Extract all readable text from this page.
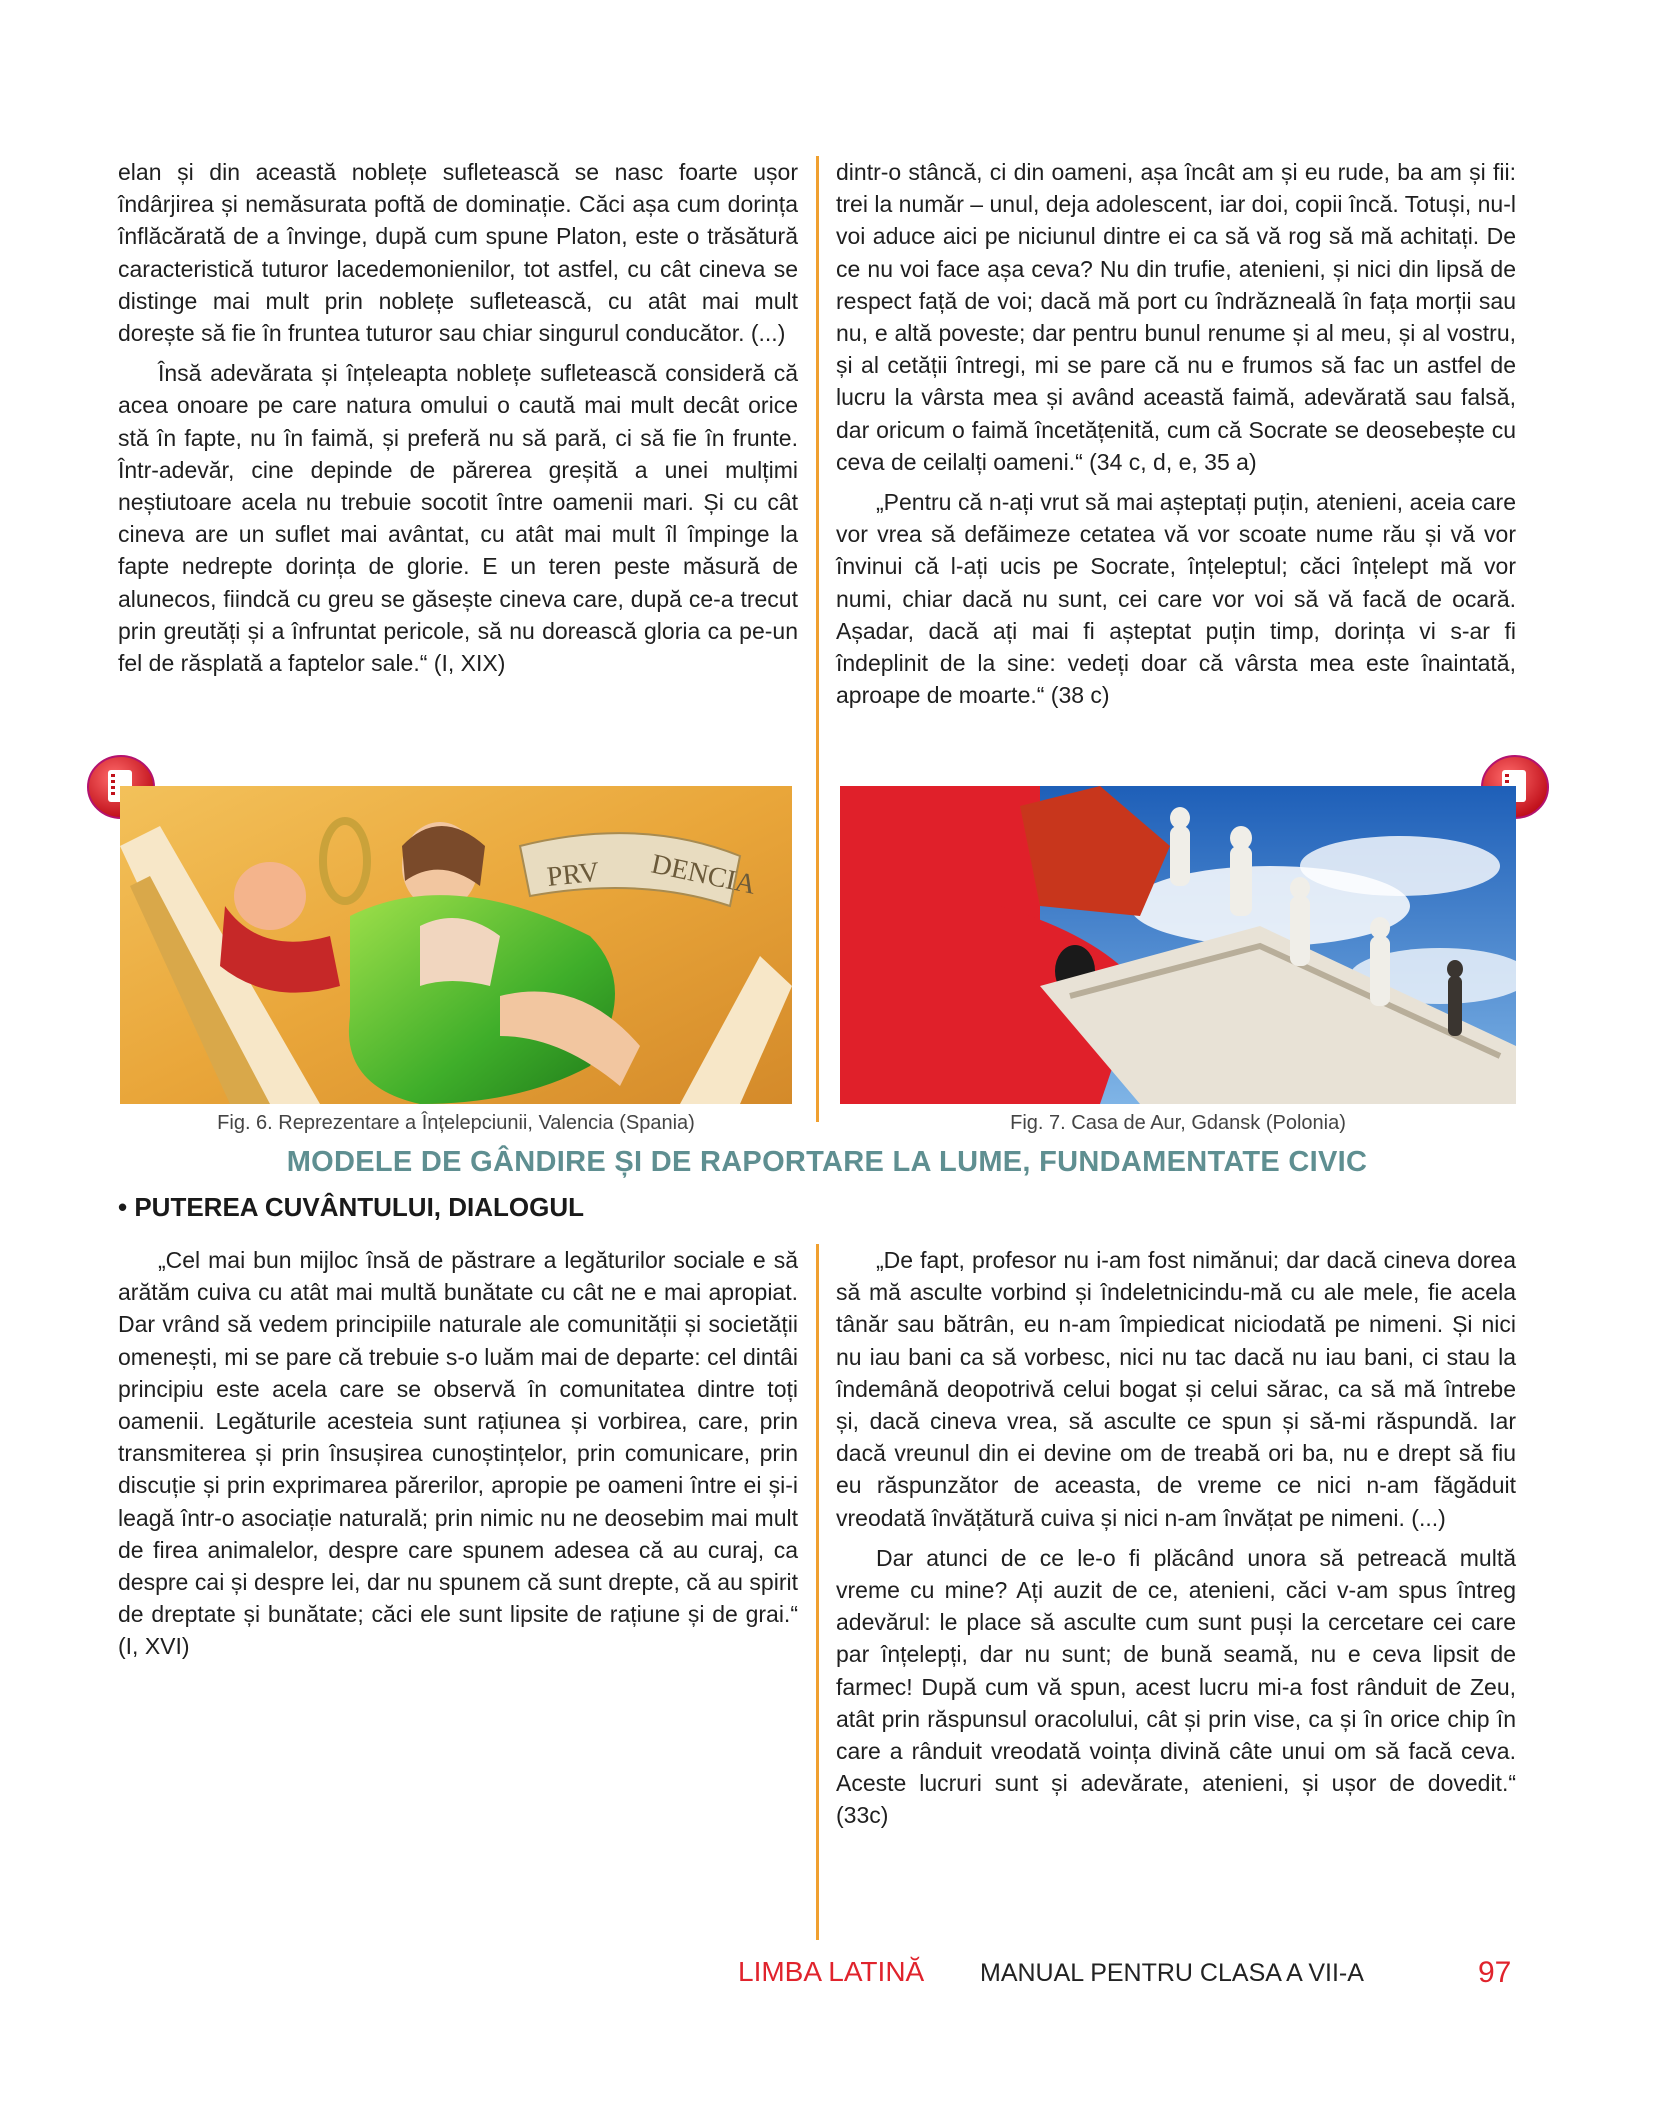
elan și din această noblețe sufletească se nasc foarte ușor îndârjirea și nemăsurata poftă de dominație. Căci așa cum dorința înflăcărată de a învinge, după cum spune Platon, este o trăsătură caracteristică tuturor lacedemonienilor, tot astfel, cu cât cineva se distinge mai mult prin noblețe sufletească, cu atât mai mult dorește să fie în fruntea tuturor sau chiar singurul conducător. (...)

Însă adevărata și înțeleapta noblețe sufletească consideră că acea onoare pe care natura omului o caută mai mult decât orice stă în fapte, nu în faimă, și preferă nu să pară, ci să fie în frunte. Într-adevăr, cine depinde de părerea greșită a unei mulțimi neștiutoare acela nu trebuie socotit între oamenii mari. Și cu cât cineva are un suflet mai avântat, cu atât mai mult îl împinge la fapte nedrepte dorința de glorie. E un teren peste măsură de alunecos, fiindcă cu greu se găsește cineva care, după ce-a trecut prin greutăți și a înfruntat pericole, să nu dorească gloria ca pe-un fel de răsplată a faptelor sale.“ (I, XIX)

dintr-o stâncă, ci din oameni, așa încât am și eu rude, ba am și fii: trei la număr – unul, deja adolescent, iar doi, copii încă. Totuși, nu-l voi aduce aici pe niciunul dintre ei ca să vă rog să mă achitați. De ce nu voi face așa ceva? Nu din trufie, atenieni, și nici din lipsă de respect față de voi; dacă mă port cu îndrăzneală în fața morții sau nu, e altă poveste; dar pentru bunul renume și al meu, și al vostru, și al cetății întregi, mi se pare că nu e frumos să fac un astfel de lucru la vârsta mea și având această faimă, adevărată sau falsă, dar oricum o faimă încetățenită, cum că Socrate se deosebește cu ceva de ceilalți oameni.“ (34 c, d, e, 35 a)

„Pentru că n-ați vrut să mai așteptați puțin, atenieni, aceia care vor vrea să defăimeze cetatea vă vor scoate nume rău și vă vor învinui că l-ați ucis pe Socrate, înțeleptul; căci înțelept mă vor numi, chiar dacă nu sunt, cei care vor voi să vă facă de ocară. Așadar, dacă ați mai fi așteptat puțin timp, dorința vi s-ar fi îndeplinit de la sine: vedeți doar că vârsta mea este înaintată, aproape de moarte.“ (38 c)

PRV DENCIA
Fig. 6. Reprezentare a Înțelepciunii, Valencia (Spania)	Fig. 7. Casa de Aur, Gdansk (Polonia)
MODELE DE GÂNDIRE ȘI DE RAPORTARE LA LUME, FUNDAMENTATE CIVIC
• PUTEREA CUVÂNTULUI, DIALOGUL

„Cel mai bun mijloc însă de păstrare a legăturilor sociale e să arătăm cuiva cu atât mai multă bunătate cu cât ne e mai apropiat. Dar vrând să vedem principiile naturale ale comunității și societății omenești, mi se pare că trebuie s-o luăm mai de departe: cel dintâi principiu este acela care se observă în comunitatea dintre toți oamenii. Legăturile acesteia sunt rațiunea și vorbirea, care, prin transmiterea și prin însușirea cunoștințelor, prin comunicare, prin discuție și prin exprimarea părerilor, apropie pe oameni între ei și-i leagă într-o asociație naturală; prin nimic nu ne deosebim mai mult de firea animalelor, despre care spunem adesea că au curaj, ca despre cai și despre lei, dar nu spunem că sunt drepte, că au spirit de dreptate și bunătate; căci ele sunt lipsite de rațiune și de grai.“ (I, XVI)

„De fapt, profesor nu i-am fost nimănui; dar dacă cineva dorea să mă asculte vorbind și îndeletnicindu-mă cu ale mele, fie acela tânăr sau bătrân, eu n-am împiedicat niciodată pe nimeni. Și nici nu iau bani ca să vorbesc, nici nu tac dacă nu iau bani, ci stau la îndemână deopotrivă celui bogat și celui sărac, ca să mă întrebe și, dacă cineva vrea, să asculte ce spun și să-mi răspundă. Iar dacă vreunul din ei devine om de treabă ori ba, nu e drept să fiu eu răspunzător de aceasta, de vreme ce nici n-am făgăduit vreodată învățătură cuiva și nici n-am învățat pe nimeni. (...)

Dar atunci de ce le-o fi plăcând unora să petreacă multă vreme cu mine? Ați auzit de ce, atenieni, căci v-am spus întreg adevărul: le place să asculte cum sunt puși la cercetare cei care par înțelepți, dar nu sunt; de bună seamă, nu e ceva lipsit de farmec! După cum vă spun, acest lucru mi-a fost rânduit de Zeu, atât prin răspunsul oracolului, cât și prin vise, ca și în orice chip în care a rânduit vreodată voința divină câte unui om să facă ceva. Aceste lucruri sunt și adevărate, atenieni, și ușor de dovedit.“ (33c)

LIMBA LATINĂ MANUAL PENTRU CLASA A VII-A	97
